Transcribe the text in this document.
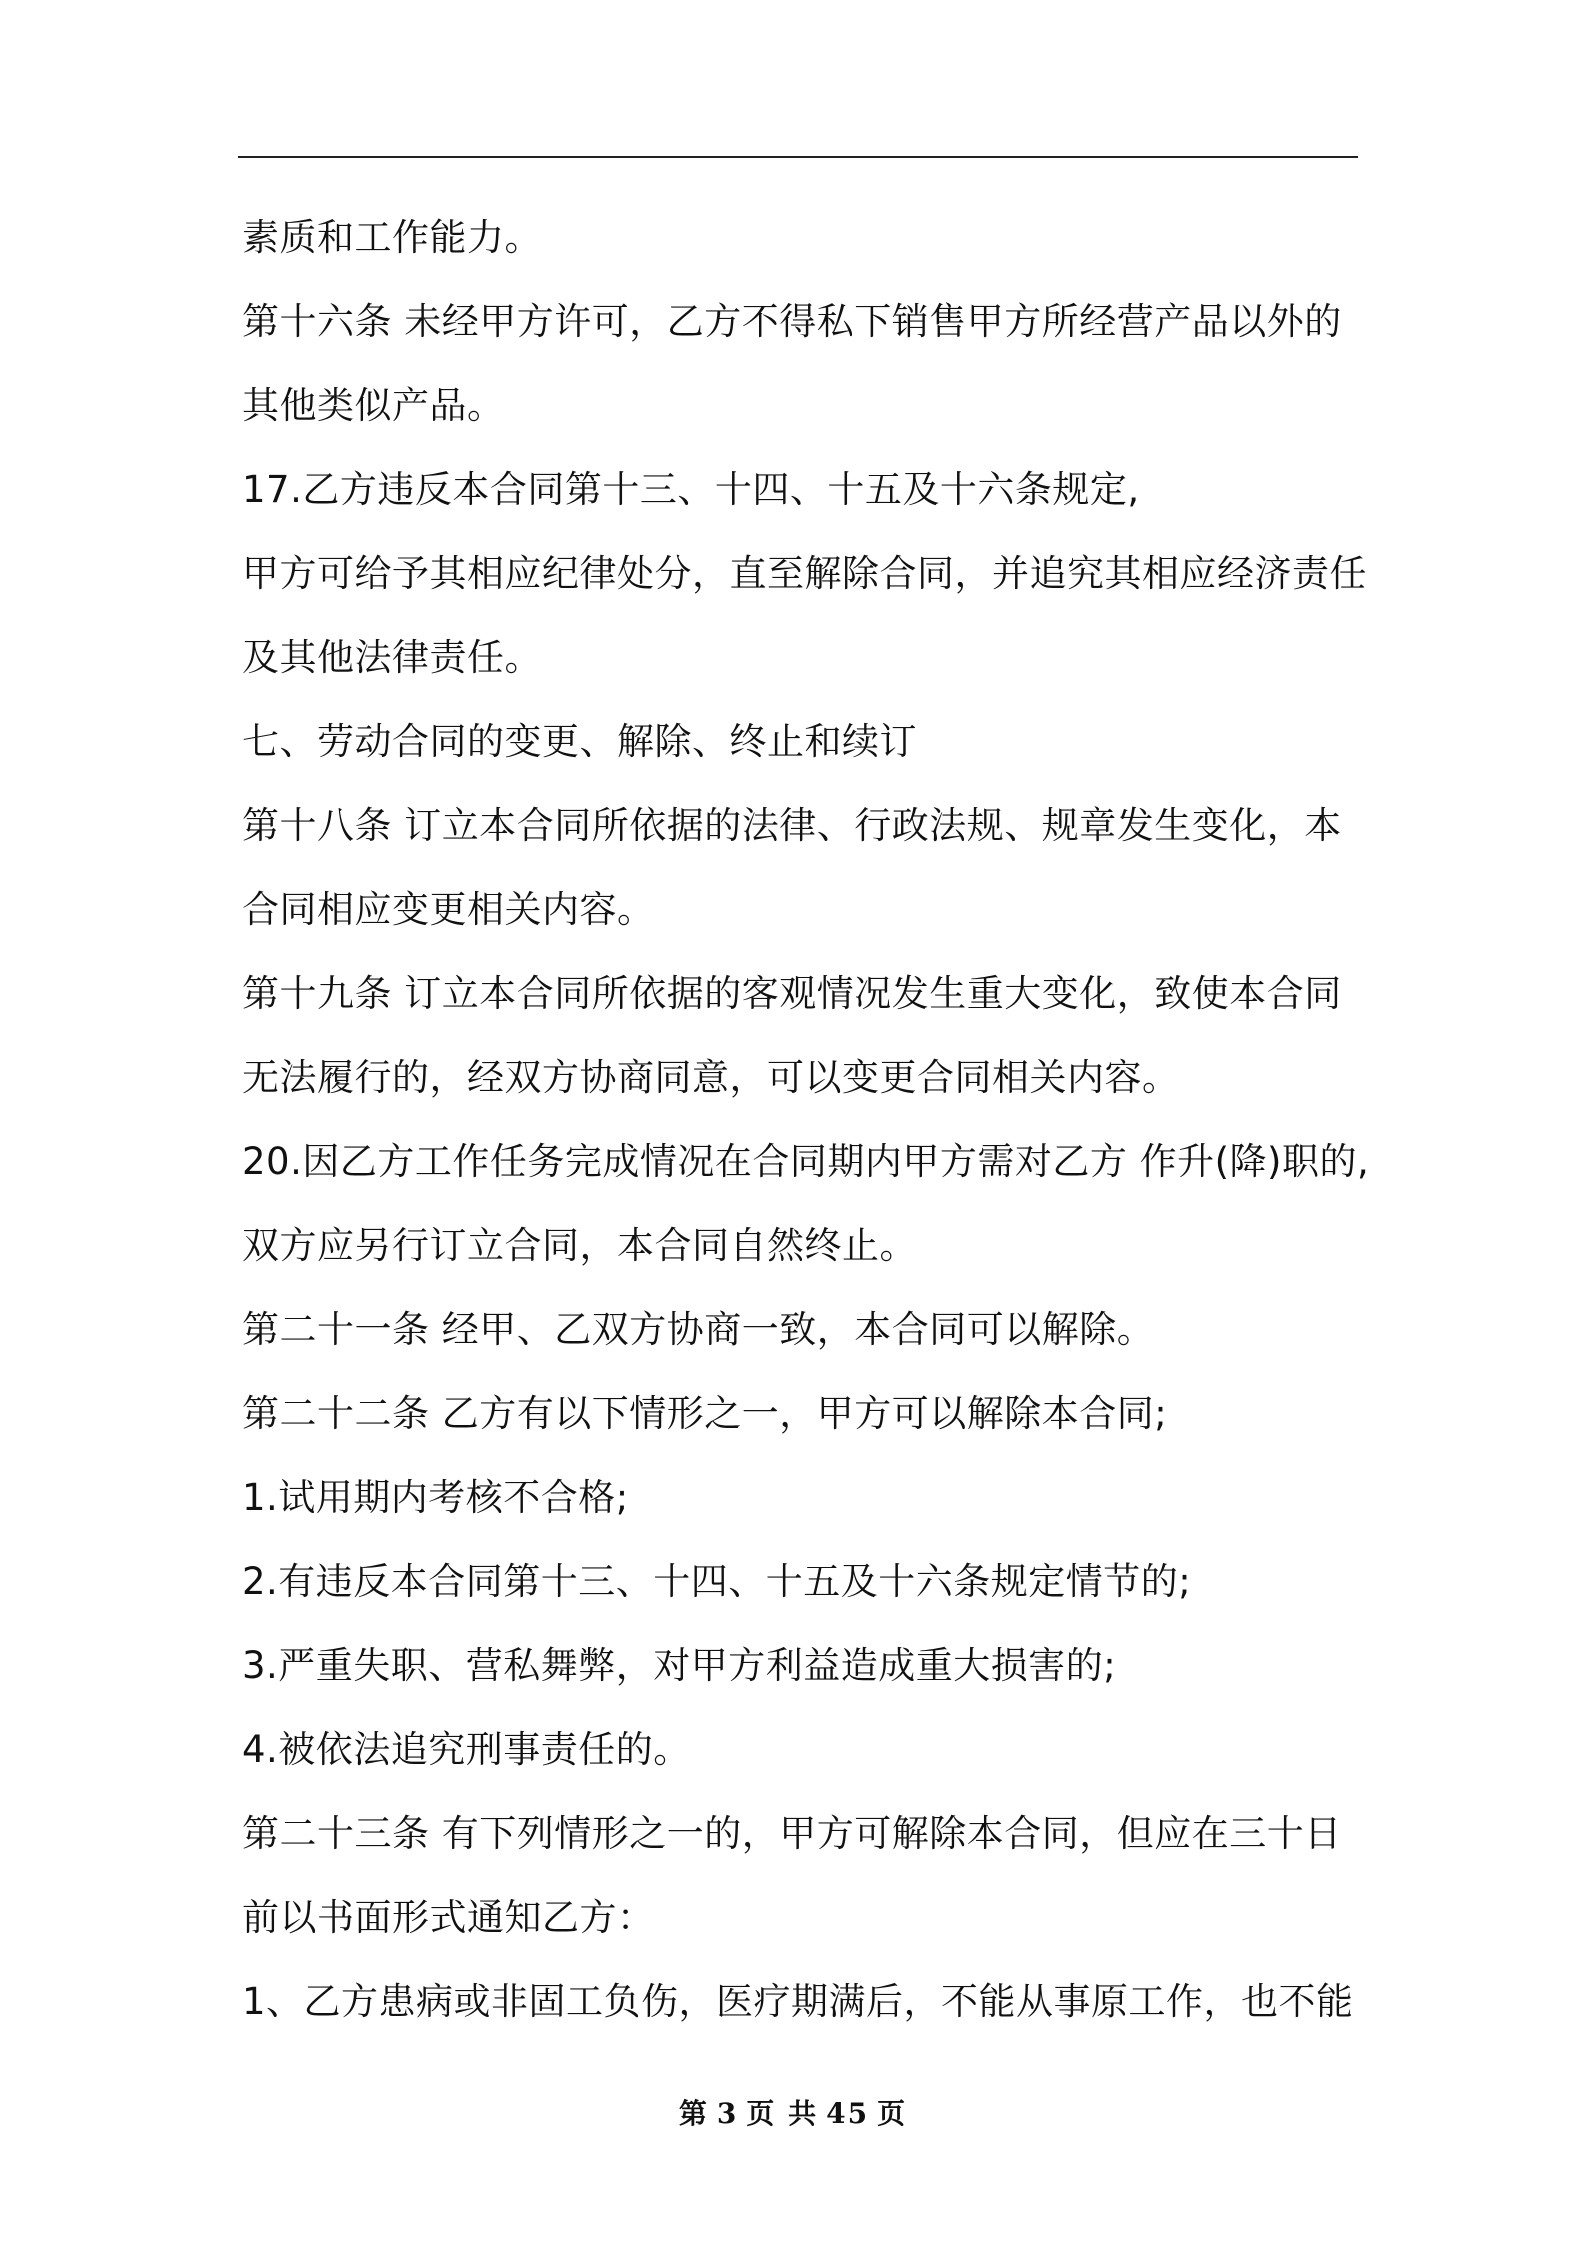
素质和工作能力。
第十六条 未经甲方许可，乙方不得私下销售甲方所经营产品以外的
其他类似产品。
17.乙方违反本合同第十三、十四、十五及十六条规定,
甲方可给予其相应纪律处分，直至解除合同，并追究其相应经济责任
及其他法律责任。
七、劳动合同的变更、解除、终止和续订
第十八条 订立本合同所依据的法律、行政法规、规章发生变化，本
合同相应变更相关内容。
第十九条 订立本合同所依据的客观情况发生重大变化，致使本合同
无法履行的，经双方协商同意，可以变更合同相关内容。
20.因乙方工作任务完成情况在合同期内甲方需对乙方 作升(降)职的,
双方应另行订立合同，本合同自然终止。
第二十一条 经甲、乙双方协商一致，本合同可以解除。
第二十二条 乙方有以下情形之一，甲方可以解除本合同;
1.试用期内考核不合格;
2.有违反本合同第十三、十四、十五及十六条规定情节的;
3.严重失职、营私舞弊，对甲方利益造成重大损害的;
4.被依法追究刑事责任的。
第二十三条 有下列情形之一的，甲方可解除本合同，但应在三十日
前以书面形式通知乙方：
1、乙方患病或非固工负伤，医疗期满后，不能从事原工作，也不能
第 3 页 共 45 页
